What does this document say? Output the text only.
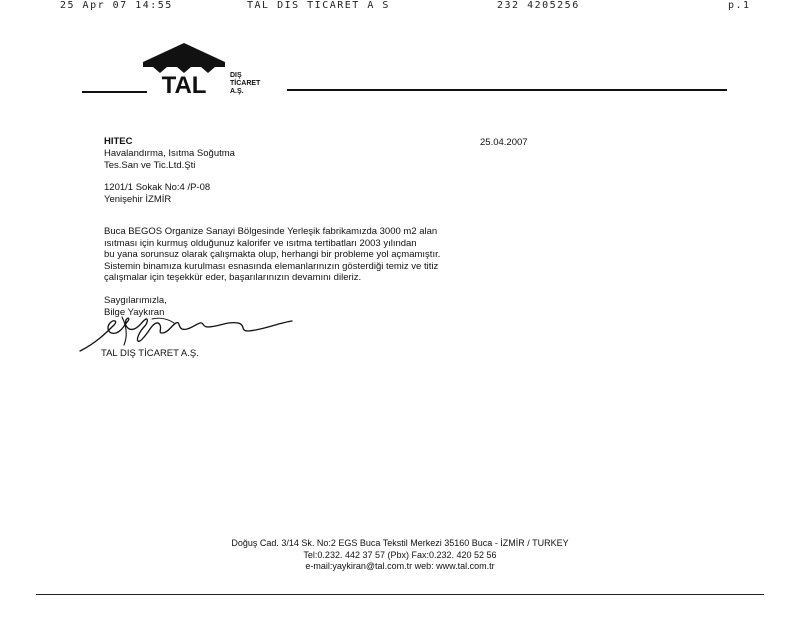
25 Apr 07 14:55	TAL DIS TICARET A S	232 4205256	p.1
TAL	DIŞ
TİCARET
A.Ş.
HITEC
Havalandırma, Isıtma Soğutma
Tes.San ve Tic.Ltd.Şti
1201/1 Sokak No:4 /P-08
Yenişehir İZMİR
25.04.2007
Buca BEGOS Organize Sanayi Bölgesinde Yerleşik fabrikamızda 3000 m2 alan
ısıtması için kurmuş olduğunuz kalorifer ve ısıtma tertibatları 2003 yılından
bu yana sorunsuz olarak çalışmakta olup, herhangi bir probleme yol açmamıştır.
Sistemin binamıza kurulması esnasında elemanlarınızın gösterdiği temiz ve titiz
çalışmalar için teşekkür eder, başarılarınızın devamını dileriz.
Saygılarımızla,
Bilge Yaykıran
TAL DIŞ TİCARET A.Ş.
Doğuş Cad. 3/14 Sk. No:2 EGS Buca Tekstil Merkezi 35160 Buca - İZMİR / TURKEY
Tel:0.232. 442 37 57 (Pbx) Fax:0.232. 420 52 56
e-mail:yaykiran@tal.com.tr web: www.tal.com.tr
